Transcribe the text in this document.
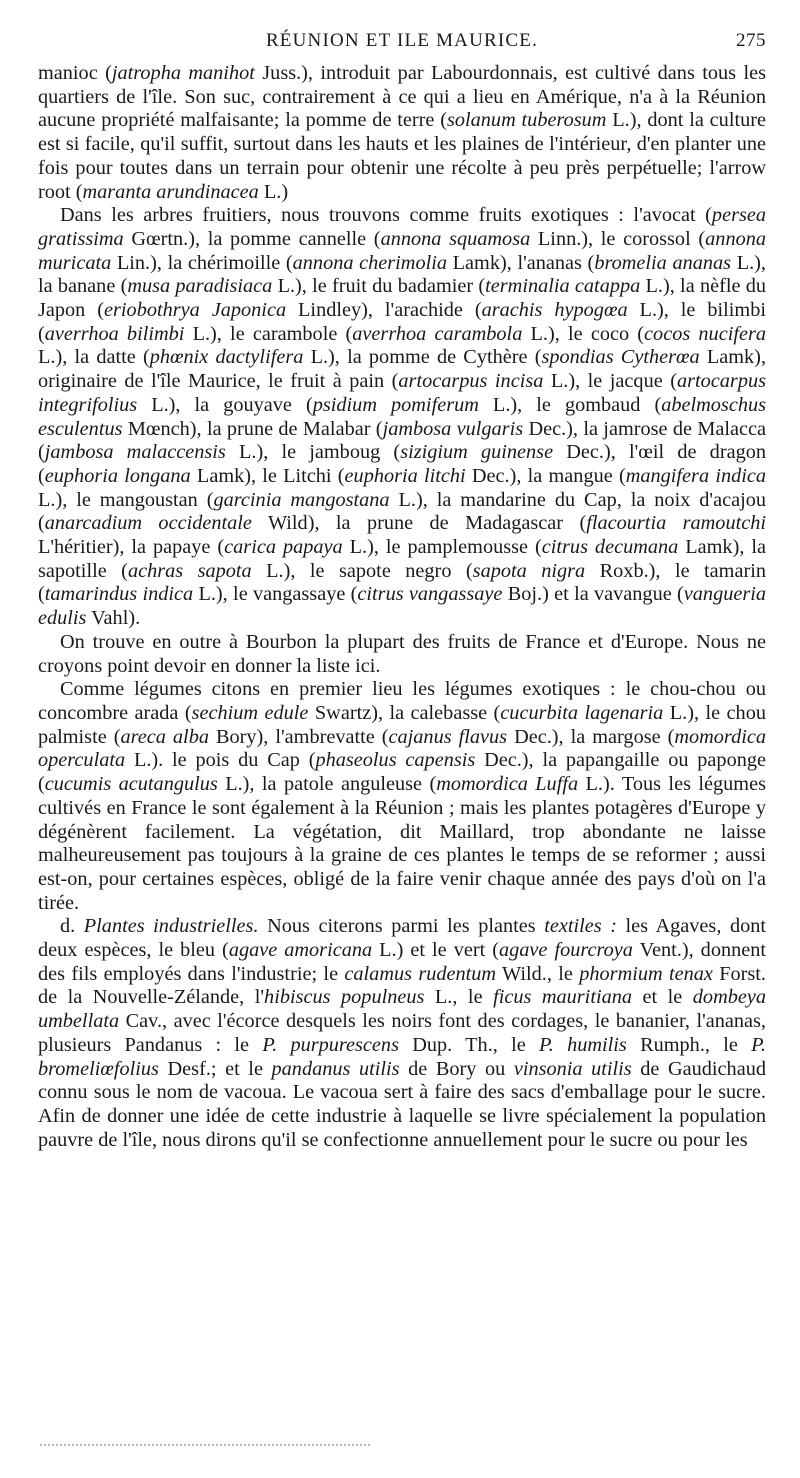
RÉUNION ET ILE MAURICE.	275

manioc (jatropha manihot Juss.), introduit par Labourdonnais, est cultivé dans tous les quartiers de l'île. Son suc, contrairement à ce qui a lieu en Amérique, n'a à la Réunion aucune propriété malfaisante; la pomme de terre (solanum tuberosum L.), dont la culture est si facile, qu'il suffit, surtout dans les hauts et les plaines de l'intérieur, d'en planter une fois pour toutes dans un terrain pour obtenir une récolte à peu près perpétuelle; l'arrow root (maranta arundinacea L.)

Dans les arbres fruitiers, nous trouvons comme fruits exotiques : l'avocat (persea gratissima Gœrtn.), la pomme cannelle (annona squamosa Linn.), le corossol (annona muricata Lin.), la chérimoille (annona cherimolia Lamk), l'ananas (bromelia ananas L.), la banane (musa paradisiaca L.), le fruit du badamier (terminalia catappa L.), la nèfle du Japon (eriobothrya Japonica Lindley), l'arachide (arachis hypogœa L.), le bilimbi (averrhoa bilimbi L.), le carambole (averrhoa carambola L.), le coco (cocos nucifera L.), la datte (phœnix dactylifera L.), la pomme de Cythère (spondias Cytherœa Lamk), originaire de l'île Maurice, le fruit à pain (artocarpus incisa L.), le jacque (artocarpus integrifolius L.), la gouyave (psidium pomiferum L.), le gombaud (abelmoschus esculentus Mœnch), la prune de Malabar (jambosa vulgaris Dec.), la jamrose de Malacca (jambosa malaccensis L.), le jamboug (sizigium guinense Dec.), l'œil de dragon (euphoria longana Lamk), le Litchi (euphoria litchi Dec.), la mangue (mangifera indica L.), le mangoustan (garcinia mangostana L.), la mandarine du Cap, la noix d'acajou (anarcadium occidentale Wild), la prune de Madagascar (flacourtia ramoutchi L'héritier), la papaye (carica papaya L.), le pamplemousse (citrus decumana Lamk), la sapotille (achras sapota L.), le sapote negro (sapota nigra Roxb.), le tamarin (tamarindus indica L.), le vangassaye (citrus vangassaye Boj.) et la vavangue (vangueria edulis Vahl).

On trouve en outre à Bourbon la plupart des fruits de France et d'Europe. Nous ne croyons point devoir en donner la liste ici.

Comme légumes citons en premier lieu les légumes exotiques : le chou-chou ou concombre arada (sechium edule Swartz), la calebasse (cucurbita lagenaria L.), le chou palmiste (areca alba Bory), l'ambrevatte (cajanus flavus Dec.), la margose (momordica operculata L.). le pois du Cap (phaseolus capensis Dec.), la papangaille ou paponge (cucumis acutangulus L.), la patole anguleuse (momordica Luffa L.). Tous les légumes cultivés en France le sont également à la Réunion ; mais les plantes potagères d'Europe y dégénèrent facilement. La végétation, dit Maillard, trop abondante ne laisse malheureusement pas toujours à la graine de ces plantes le temps de se reformer ; aussi est-on, pour certaines espèces, obligé de la faire venir chaque année des pays d'où on l'a tirée.

d. Plantes industrielles. Nous citerons parmi les plantes textiles : les Agaves, dont deux espèces, le bleu (agave amoricana L.) et le vert (agave fourcroya Vent.), donnent des fils employés dans l'industrie; le calamus rudentum Wild., le phormium tenax Forst. de la Nouvelle-Zélande, l'hibiscus populneus L., le ficus mauritiana et le dombeya umbellata Cav., avec l'écorce desquels les noirs font des cordages, le bananier, l'ananas, plusieurs Pandanus : le P. purpurescens Dup. Th., le P. humilis Rumph., le P. bromeliœfolius Desf.; et le pandanus utilis de Bory ou vinsonia utilis de Gaudichaud connu sous le nom de vacoua. Le vacoua sert à faire des sacs d'emballage pour le sucre. Afin de donner une idée de cette industrie à laquelle se livre spécialement la population pauvre de l'île, nous dirons qu'il se confectionne annuellement pour le sucre ou pour les
